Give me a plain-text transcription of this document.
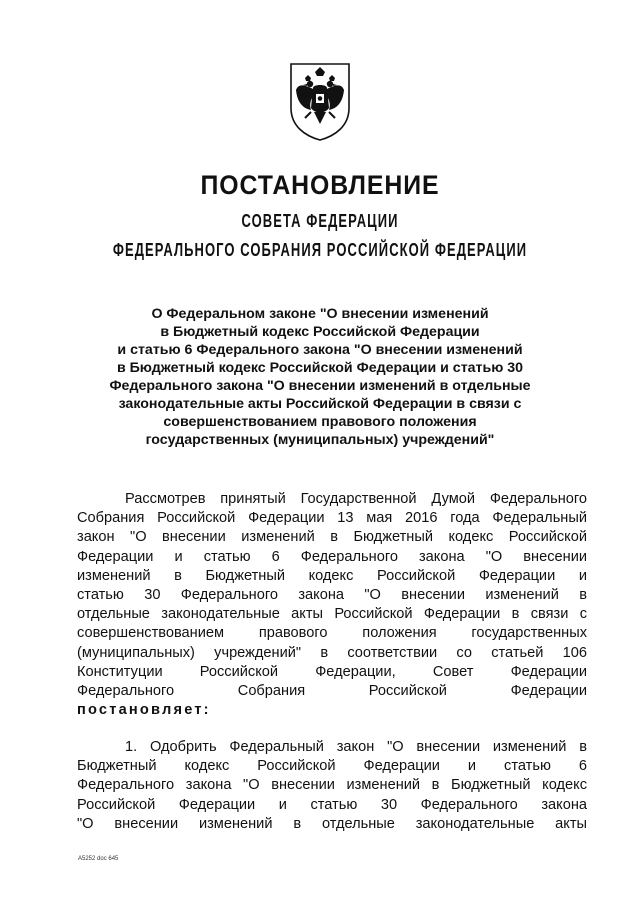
ПОСТАНОВЛЕНИЕ
СОВЕТА ФЕДЕРАЦИИ
ФЕДЕРАЛЬНОГО СОБРАНИЯ РОССИЙСКОЙ ФЕДЕРАЦИИ
О Федеральном законе "О внесении изменений
в Бюджетный кодекс Российской Федерации
и статью 6 Федерального закона "О внесении изменений
в Бюджетный кодекс Российской Федерации и статью 30
Федерального закона "О внесении изменений в отдельные
законодательные акты Российской Федерации в связи с
совершенствованием правового положения
государственных (муниципальных) учреждений"
Рассмотрев принятый Государственной Думой Федерального
Собрания Российской Федерации 13 мая 2016 года Федеральный
закон "О внесении изменений в Бюджетный кодекс Российской
Федерации и статью 6 Федерального закона "О внесении
изменений в Бюджетный кодекс Российской Федерации и
статью 30 Федерального закона "О внесении изменений в
отдельные законодательные акты Российской Федерации в связи с
совершенствованием правового положения государственных
(муниципальных) учреждений" в соответствии со статьей 106
Конституции Российской Федерации, Совет Федерации
Федерального Собрания Российской Федерации
постановляет:
1. Одобрить Федеральный закон "О внесении изменений в
Бюджетный кодекс Российской Федерации и статью 6
Федерального закона "О внесении изменений в Бюджетный кодекс
Российской Федерации и статью 30 Федерального закона
"О внесении изменений в отдельные законодательные акты
А5252 doc 645
